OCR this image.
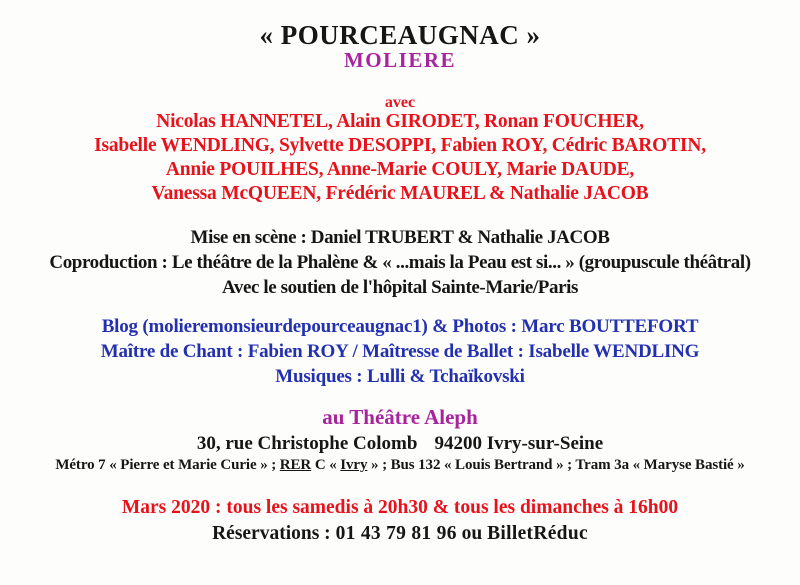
« POURCEAUGNAC »
MOLIERE

avec

Nicolas HANNETEL, Alain GIRODET, Ronan FOUCHER,

Isabelle WENDLING, Sylvette DESOPPI, Fabien ROY, Cédric BAROTIN,

Annie POUILHES, Anne-Marie COULY, Marie DAUDE,

Vanessa McQUEEN, Frédéric MAUREL & Nathalie JACOB

Mise en scène : Daniel TRUBERT & Nathalie JACOB

Coproduction : Le théâtre de la Phalène & « ...mais la Peau est si... » (groupuscule théâtral)

Avec le soutien de l'hôpital Sainte-Marie/Paris

Blog (molieremonsieurdepourceaugnac1) & Photos : Marc BOUTTEFORT

Maître de Chant : Fabien ROY / Maîtresse de Ballet : Isabelle WENDLING

Musiques : Lulli & Tchaïkovski

au Théâtre Aleph

30, rue Christophe Colomb 94200 Ivry-sur-Seine

Métro 7 « Pierre et Marie Curie » ; RER C « Ivry » ; Bus 132 « Louis Bertrand » ; Tram 3a « Maryse Bastié »

Mars 2020 : tous les samedis à 20h30 & tous les dimanches à 16h00

Réservations : 01 43 79 81 96 ou BilletRéduc
